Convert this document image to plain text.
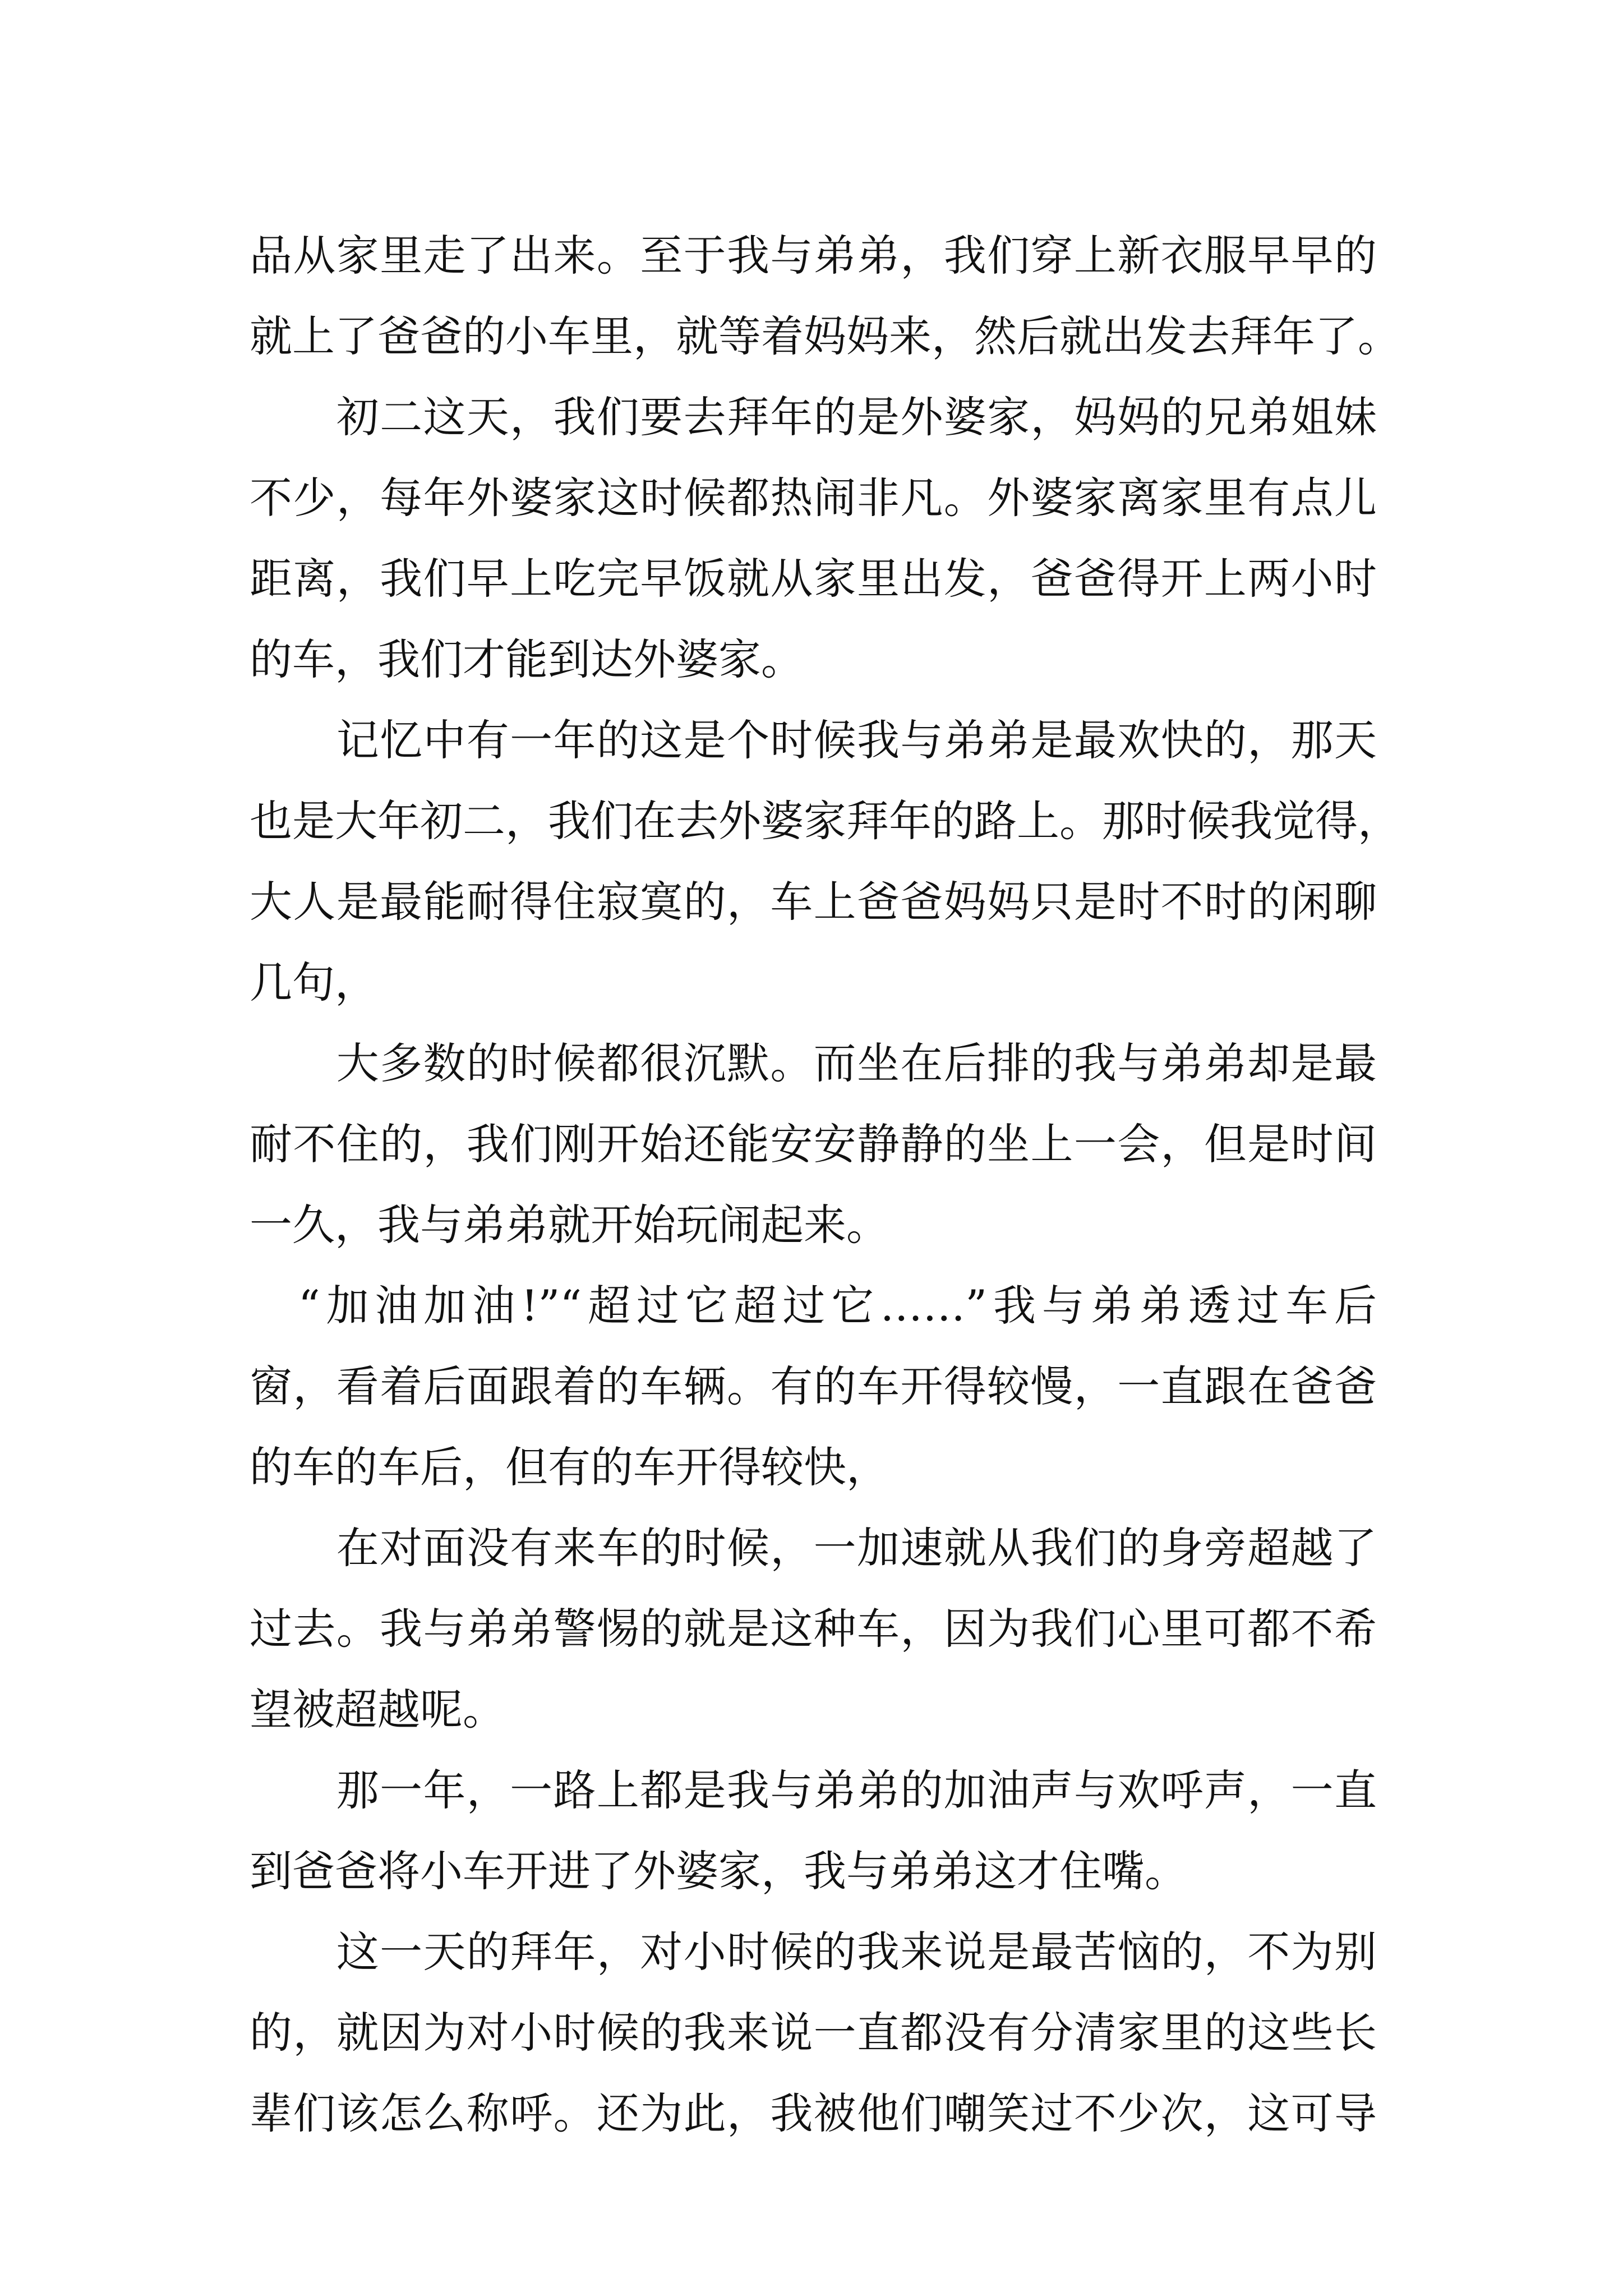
品从家里走了出来。至于我与弟弟，我们穿上新衣服早早的
就上了爸爸的小车里，就等着妈妈来，然后就出发去拜年了。

　　初二这天，我们要去拜年的是外婆家，妈妈的兄弟姐妹
不少，每年外婆家这时候都热闹非凡。外婆家离家里有点儿
距离，我们早上吃完早饭就从家里出发，爸爸得开上两小时
的车，我们才能到达外婆家。

　　记忆中有一年的这是个时候我与弟弟是最欢快的，那天
也是大年初二，我们在去外婆家拜年的路上。那时候我觉得，
大人是最能耐得住寂寞的，车上爸爸妈妈只是时不时的闲聊
几句，

　　大多数的时候都很沉默。而坐在后排的我与弟弟却是最
耐不住的，我们刚开始还能安安静静的坐上一会，但是时间
一久，我与弟弟就开始玩闹起来。

　“加油加油!”“超过它超过它……”我与弟弟透过车后
窗，看着后面跟着的车辆。有的车开得较慢，一直跟在爸爸
的车的车后，但有的车开得较快，

　　在对面没有来车的时候，一加速就从我们的身旁超越了
过去。我与弟弟警惕的就是这种车，因为我们心里可都不希
望被超越呢。

　　那一年，一路上都是我与弟弟的加油声与欢呼声，一直
到爸爸将小车开进了外婆家，我与弟弟这才住嘴。

　　这一天的拜年，对小时候的我来说是最苦恼的，不为别
的，就因为对小时候的我来说一直都没有分清家里的这些长
辈们该怎么称呼。还为此，我被他们嘲笑过不少次，这可导
